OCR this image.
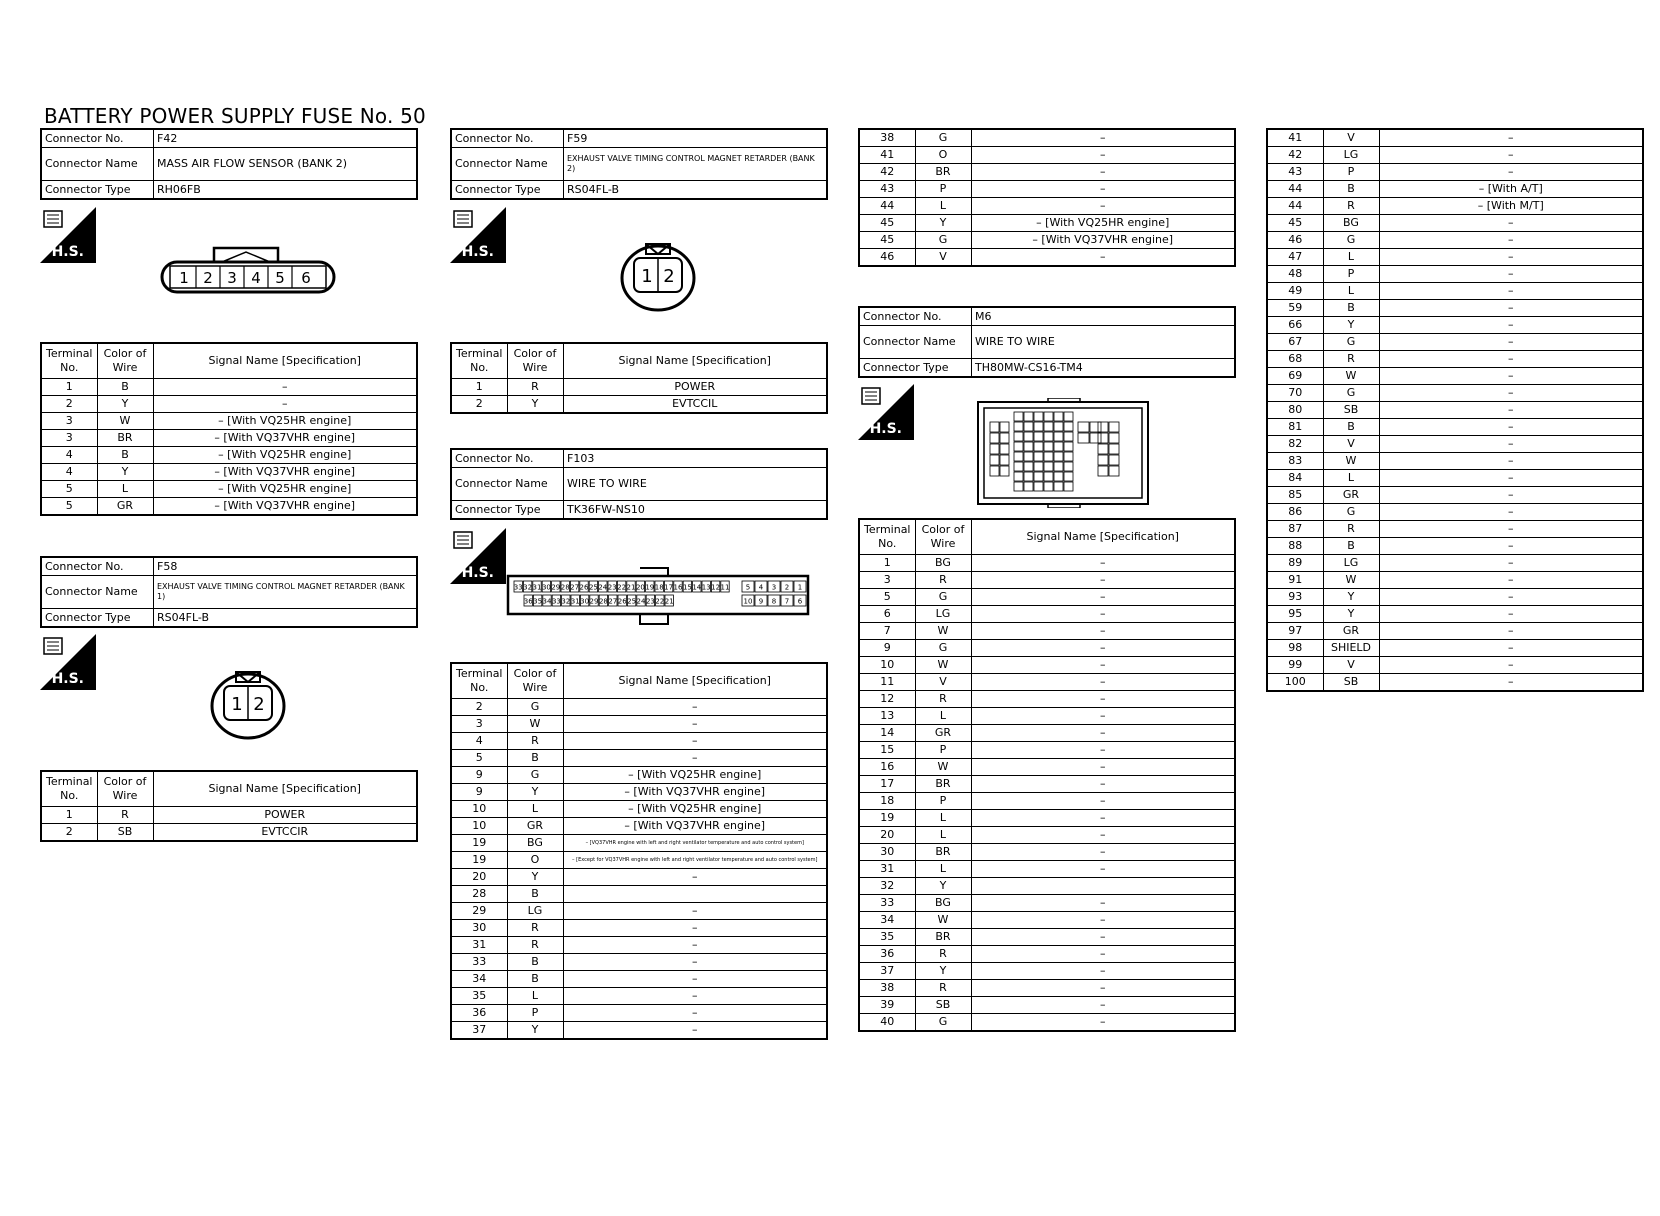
BATTERY POWER SUPPLY FUSE No. 50
Connector No.	F42
Connector Name	MASS AIR FLOW SENSOR (BANK 2)
Connector Type	RH06FB
H.S.
1 2 3 4 5 6
Terminal No.	Color of Wire	Signal Name [Specification]
1	B	–
2	Y	–
3	W	– [With VQ25HR engine]
3	BR	– [With VQ37VHR engine]
4	B	– [With VQ25HR engine]
4	Y	– [With VQ37VHR engine]
5	L	– [With VQ25HR engine]
5	GR	– [With VQ37VHR engine]
Connector No.	F58
Connector Name	EXHAUST VALVE TIMING CONTROL MAGNET RETARDER (BANK 1)
Connector Type	RS04FL-B
H.S.
1 2
Terminal No.	Color of Wire	Signal Name [Specification]
1	R	POWER
2	SB	EVTCCIR
Connector No.	F59
Connector Name	EXHAUST VALVE TIMING CONTROL MAGNET RETARDER (BANK 2)
Connector Type	RS04FL-B
H.S.
1 2
Terminal No.	Color of Wire	Signal Name [Specification]
1	R	POWER
2	Y	EVTCCIL
Connector No.	F103
Connector Name	WIRE TO WIRE
Connector Type	TK36FW-NS10
H.S.
33 32 31 30 29 28 27 26 25 24 23 22 21 20 19 18 17 16 15 14 13 12 11
36 35 34 33 32 31 30 29 28 27 26 25 24 23 22 21
5 4 3 2 1
10 9 8 7 6
Terminal No.	Color of Wire	Signal Name [Specification]
2	G	–
3	W	–
4	R	–
5	B	–
9	G	– [With VQ25HR engine]
9	Y	– [With VQ37VHR engine]
10	L	– [With VQ25HR engine]
10	GR	– [With VQ37VHR engine]
19	BG	– [VQ37VHR engine with left and right ventilator temperature and auto control system]
19	O	– [Except for VQ37VHR engine with left and right ventilator temperature and auto control system]
20	Y	–
28	B	
29	LG	–
30	R	–
31	R	–
33	B	–
34	B	–
35	L	–
36	P	–
37	Y	–
38	G	–
41	O	–
42	BR	–
43	P	–
44	L	–
45	Y	– [With VQ25HR engine]
45	G	– [With VQ37VHR engine]
46	V	–
Connector No.	M6
Connector Name	WIRE TO WIRE
Connector Type	TH80MW-CS16-TM4
H.S.
Terminal No.	Color of Wire	Signal Name [Specification]
1	BG	–
3	R	–
5	G	–
6	LG	–
7	W	–
9	G	–
10	W	–
11	V	–
12	R	–
13	L	–
14	GR	–
15	P	–
16	W	–
17	BR	–
18	P	–
19	L	–
20	L	–
30	BR	–
31	L	–
32	Y	
33	BG	–
34	W	–
35	BR	–
36	R	–
37	Y	–
38	R	–
39	SB	–
40	G	–
41	V	–
42	LG	–
43	P	–
44	B	– [With A/T]
44	R	– [With M/T]
45	BG	–
46	G	–
47	L	–
48	P	–
49	L	–
59	B	–
66	Y	–
67	G	–
68	R	–
69	W	–
70	G	–
80	SB	–
81	B	–
82	V	–
83	W	–
84	L	–
85	GR	–
86	G	–
87	R	–
88	B	–
89	LG	–
91	W	–
93	Y	–
95	Y	–
97	GR	–
98	SHIELD	–
99	V	–
100	SB	–
